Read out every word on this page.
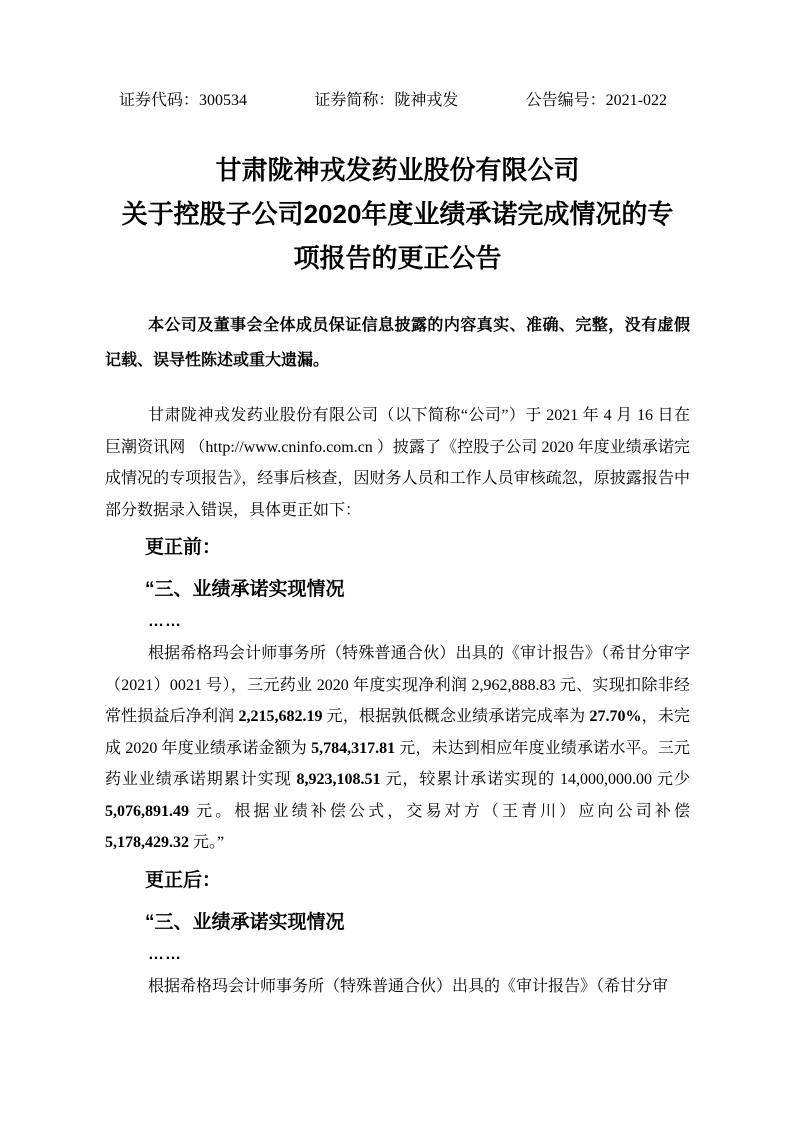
证券代码：300534	证券简称：陇神戎发	公告编号：2021-022
甘肃陇神戎发药业股份有限公司
关于控股子公司2020年度业绩承诺完成情况的专
项报告的更正公告

本公司及董事会全体成员保证信息披露的内容真实、准确、完整，没有虚假记载、误导性陈述或重大遗漏。

甘肃陇神戎发药业股份有限公司（以下简称“公司”）于 2021 年 4 月 16 日在巨潮资讯网 （http://www.cninfo.com.cn ）披露了《控股子公司 2020 年度业绩承诺完成情况的专项报告》，经事后核查，因财务人员和工作人员审核疏忽，原披露报告中部分数据录入错误，具体更正如下：

更正前：

“三、业绩承诺实现情况

……

根据希格玛会计师事务所（特殊普通合伙）出具的《审计报告》（希甘分审字（2021）0021 号），三元药业 2020 年度实现净利润 2,962,888.83 元、实现扣除非经常性损益后净利润 2,215,682.19 元，根据孰低概念业绩承诺完成率为 27.70%，未完成 2020 年度业绩承诺金额为 5,784,317.81 元，未达到相应年度业绩承诺水平。三元药业业绩承诺期累计实现 8,923,108.51 元，较累计承诺实现的 14,000,000.00 元少 5,076,891.49 元。根据业绩补偿公式，交易对方（王青川）应向公司补偿 5,178,429.32 元。”

更正后：

“三、业绩承诺实现情况

……

根据希格玛会计师事务所（特殊普通合伙）出具的《审计报告》（希甘分审
